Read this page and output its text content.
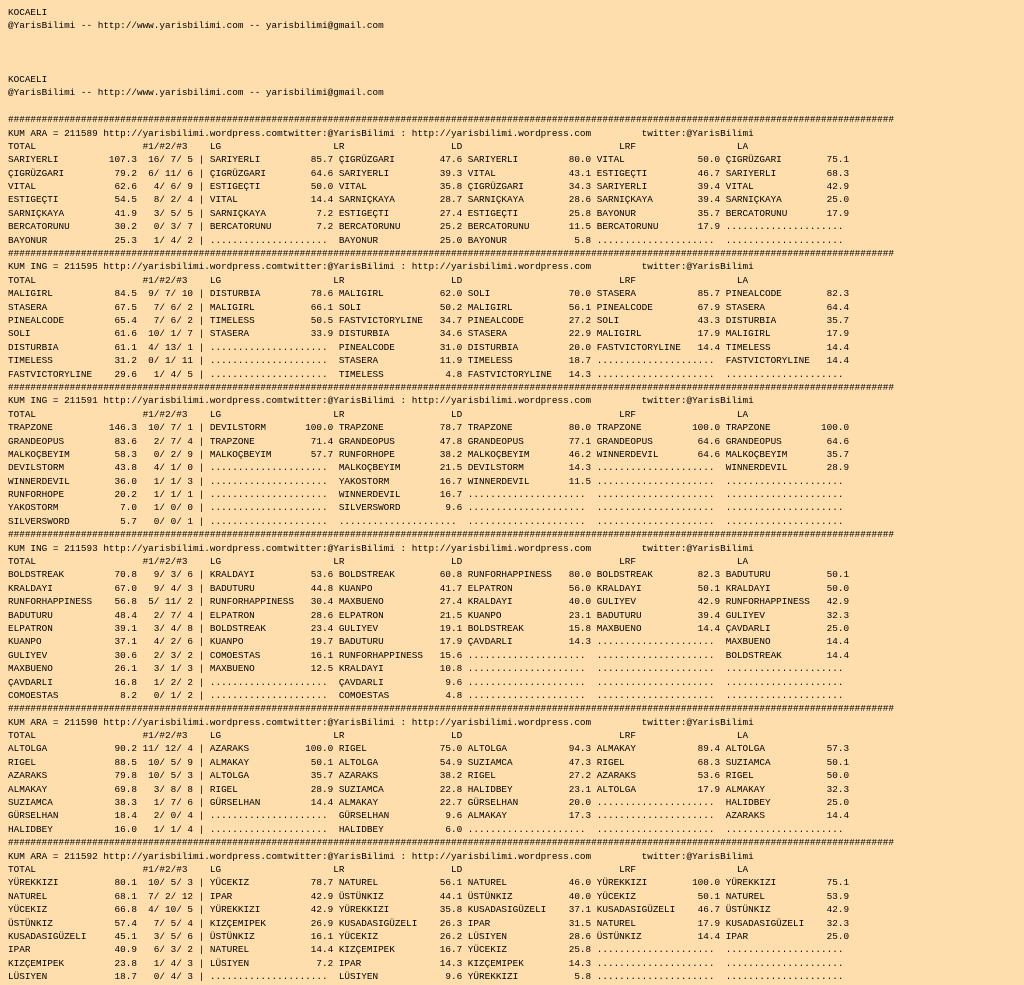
KOCAELI
@YarisBilimi -- http://www.yarisbilimi.com -- yarisbilimi@gmail.com
KOCAELI
@YarisBilimi -- http://www.yarisbilimi.com -- yarisbilimi@gmail.com
##############################################################################################################################################################
KUM ARA = 211589 http://yarisbilimi.wordpress.comtwitter:@YarisBilimi : http://yarisbilimi.wordpress.com         twitter:@YarisBilimi
TOTAL                   #1/#2/#3    LG                    LR                   LD                            LRF                  LA
SARIYERLI         107.3  16/ 7/ 5 | SARIYERLI         85.7 ÇIGRÜZGARI        47.6 SARIYERLI         80.0 VITAL             50.0 ÇIGRÜZGARI        75.1
ÇIGRÜZGARI         79.2  6/ 11/ 6 | ÇIGRÜZGARI        64.6 SARIYERLI         39.3 VITAL             43.1 ESTIGEÇTI         46.7 SARIYERLI         68.3
VITAL              62.6   4/ 6/ 9 | ESTIGEÇTI         50.0 VITAL             35.8 ÇIGRÜZGARI        34.3 SARIYERLI         39.4 VITAL             42.9
ESTIGEÇTI          54.5   8/ 2/ 4 | VITAL             14.4 SARNIÇKAYA        28.7 SARNIÇKAYA        28.6 SARNIÇKAYA        39.4 SARNIÇKAYA        25.0
SARNIÇKAYA         41.9   3/ 5/ 5 | SARNIÇKAYA         7.2 ESTIGEÇTI         27.4 ESTIGEÇTI         25.8 BAYONUR           35.7 BERCATORUNU       17.9
BERCATORUNU        30.2   0/ 3/ 7 | BERCATORUNU        7.2 BERCATORUNU       25.2 BERCATORUNU       11.5 BERCATORUNU       17.9 .....................
BAYONUR            25.3   1/ 4/ 2 | .....................  BAYONUR           25.0 BAYONUR            5.8 .....................  .....................
##############################################################################################################################################################
KUM ING = 211595 http://yarisbilimi.wordpress.comtwitter:@YarisBilimi : http://yarisbilimi.wordpress.com         twitter:@YarisBilimi
TOTAL                   #1/#2/#3    LG                    LR                   LD                            LRF                  LA
MALIGIRL           84.5  9/ 7/ 10 | DISTURBIA         78.6 MALIGIRL          62.0 SOLI              70.0 STASERA           85.7 PINEALCODE        82.3
STASERA            67.5   7/ 6/ 2 | MALIGIRL          66.1 SOLI              50.2 MALIGIRL          56.1 PINEALCODE        67.9 STASERA           64.4
PINEALCODE         65.4   7/ 6/ 2 | TIMELESS          50.5 FASTVICTORYLINE   34.7 PINEALCODE        27.2 SOLI              43.3 DISTURBIA         35.7
SOLI               61.6  10/ 1/ 7 | STASERA           33.9 DISTURBIA         34.6 STASERA           22.9 MALIGIRL          17.9 MALIGIRL          17.9
DISTURBIA          61.1  4/ 13/ 1 | .....................  PINEALCODE        31.0 DISTURBIA         20.0 FASTVICTORYLINE   14.4 TIMELESS          14.4
TIMELESS           31.2  0/ 1/ 11 | .....................  STASERA           11.9 TIMELESS          18.7 .....................  FASTVICTORYLINE   14.4
FASTVICTORYLINE    29.6   1/ 4/ 5 | .....................  TIMELESS           4.8 FASTVICTORYLINE   14.3 .....................  .....................
##############################################################################################################################################################
KUM ING = 211591 http://yarisbilimi.wordpress.comtwitter:@YarisBilimi : http://yarisbilimi.wordpress.com         twitter:@YarisBilimi
TOTAL                   #1/#2/#3    LG                    LR                   LD                            LRF                  LA
TRAPZONE          146.3  10/ 7/ 1 | DEVILSTORM       100.0 TRAPZONE          78.7 TRAPZONE          80.0 TRAPZONE         100.0 TRAPZONE         100.0
GRANDEOPUS         83.6   2/ 7/ 4 | TRAPZONE          71.4 GRANDEOPUS        47.8 GRANDEOPUS        77.1 GRANDEOPUS        64.6 GRANDEOPUS        64.6
MALKOÇBEYIM        58.3   0/ 2/ 9 | MALKOÇBEYIM       57.7 RUNFORHOPE        38.2 MALKOÇBEYIM       46.2 WINNERDEVIL       64.6 MALKOÇBEYIM       35.7
DEVILSTORM         43.8   4/ 1/ 0 | .....................  MALKOÇBEYIM       21.5 DEVILSTORM        14.3 .....................  WINNERDEVIL       28.9
WINNERDEVIL        36.0   1/ 1/ 3 | .....................  YAKOSTORM         16.7 WINNERDEVIL       11.5 .....................  .....................
RUNFORHOPE         20.2   1/ 1/ 1 | .....................  WINNERDEVIL       16.7 .....................  .....................  .....................
YAKOSTORM           7.0   1/ 0/ 0 | .....................  SILVERSWORD        9.6 .....................  .....................  .....................
SILVERSWORD         5.7   0/ 0/ 1 | .....................  .....................  .....................  .....................  .....................
##############################################################################################################################################################
KUM ING = 211593 http://yarisbilimi.wordpress.comtwitter:@YarisBilimi : http://yarisbilimi.wordpress.com         twitter:@YarisBilimi
TOTAL                   #1/#2/#3    LG                    LR                   LD                            LRF                  LA
BOLDSTREAK         70.8   9/ 3/ 6 | KRALDAYI          53.6 BOLDSTREAK        60.8 RUNFORHAPPINESS   80.0 BOLDSTREAK        82.3 BADUTURU          50.1
KRALDAYI           67.0   9/ 4/ 3 | BADUTURU          44.8 KUANPO            41.7 ELPATRON          56.0 KRALDAYI          50.1 KRALDAYI          50.0
RUNFORHAPPINESS    56.8  5/ 11/ 2 | RUNFORHAPPINESS   30.4 MAXBUENO          27.4 KRALDAYI          40.0 GULIYEV           42.9 RUNFORHAPPINESS   42.9
BADUTURU           48.4   2/ 7/ 4 | ELPATRON          28.6 ELPATRON          21.5 KUANPO            23.1 BADUTURU          39.4 GULIYEV           32.3
ELPATRON           39.1   3/ 4/ 8 | BOLDSTREAK        23.4 GULIYEV           19.1 BOLDSTREAK        15.8 MAXBUENO          14.4 ÇAVDARLI          25.0
KUANPO             37.1   4/ 2/ 6 | KUANPO            19.7 BADUTURU          17.9 ÇAVDARLI          14.3 .....................  MAXBUENO          14.4
GULIYEV            30.6   2/ 3/ 2 | COMOESTAS         16.1 RUNFORHAPPINESS   15.6 .....................  .....................  BOLDSTREAK        14.4
MAXBUENO           26.1   3/ 1/ 3 | MAXBUENO          12.5 KRALDAYI          10.8 .....................  .....................  .....................
ÇAVDARLI           16.8   1/ 2/ 2 | .....................  ÇAVDARLI           9.6 .....................  .....................  .....................
COMOESTAS           8.2   0/ 1/ 2 | .....................  COMOESTAS          4.8 .....................  .....................  .....................
##############################################################################################################################################################
KUM ARA = 211590 http://yarisbilimi.wordpress.comtwitter:@YarisBilimi : http://yarisbilimi.wordpress.com         twitter:@YarisBilimi
TOTAL                   #1/#2/#3    LG                    LR                   LD                            LRF                  LA
ALTOLGA            90.2 11/ 12/ 4 | AZARAKS          100.0 RIGEL             75.0 ALTOLGA           94.3 ALMAKAY           89.4 ALTOLGA           57.3
RIGEL              88.5  10/ 5/ 9 | ALMAKAY           50.1 ALTOLGA           54.9 SUZIAMCA          47.3 RIGEL             68.3 SUZIAMCA          50.1
AZARAKS            79.8  10/ 5/ 3 | ALTOLGA           35.7 AZARAKS           38.2 RIGEL             27.2 AZARAKS           53.6 RIGEL             50.0
ALMAKAY            69.8   3/ 8/ 8 | RIGEL             28.9 SUZIAMCA          22.8 HALIDBEY          23.1 ALTOLGA           17.9 ALMAKAY           32.3
SUZIAMCA           38.3   1/ 7/ 6 | GÜRSELHAN         14.4 ALMAKAY           22.7 GÜRSELHAN         20.0 .....................  HALIDBEY          25.0
GÜRSELHAN          18.4   2/ 0/ 4 | .....................  GÜRSELHAN          9.6 ALMAKAY           17.3 .....................  AZARAKS           14.4
HALIDBEY           16.0   1/ 1/ 4 | .....................  HALIDBEY           6.0 .....................  .....................  .....................
##############################################################################################################################################################
KUM ARA = 211592 http://yarisbilimi.wordpress.comtwitter:@YarisBilimi : http://yarisbilimi.wordpress.com         twitter:@YarisBilimi
TOTAL                   #1/#2/#3    LG                    LR                   LD                            LRF                  LA
YÜREKKIZI          80.1  10/ 5/ 3 | YÜCEKIZ           78.7 NATUREL           56.1 NATUREL           46.0 YÜREKKIZI        100.0 YÜREKKIZI         75.1
NATUREL            68.1  7/ 2/ 12 | IPAR              42.9 ÜSTÜNKIZ          44.1 ÜSTÜNKIZ          40.0 YÜCEKIZ           50.1 NATUREL           53.9
YÜCEKIZ            66.8  4/ 10/ 5 | YÜREKKIZI         42.9 YÜREKKIZI         35.8 KUSADASIGÜZELI    37.1 KUSADASIGÜZELI    46.7 ÜSTÜNKIZ          42.9
ÜSTÜNKIZ           57.4   7/ 5/ 4 | KIZÇEMIPEK        26.9 KUSADASIGÜZELI    26.3 IPAR              31.5 NATUREL           17.9 KUSADASIGÜZELI    32.3
KUSADASIGÜZELI     45.1   3/ 5/ 6 | ÜSTÜNKIZ          16.1 YÜCEKIZ           26.2 LÜSIYEN           28.6 ÜSTÜNKIZ          14.4 IPAR              25.0
IPAR               40.9   6/ 3/ 2 | NATUREL           14.4 KIZÇEMIPEK        16.7 YÜCEKIZ           25.8 .....................  .....................
KIZÇEMIPEK         23.8   1/ 4/ 3 | LÜSIYEN            7.2 IPAR              14.3 KIZÇEMIPEK        14.3 .....................  .....................
LÜSIYEN            18.7   0/ 4/ 3 | .....................  LÜSIYEN            9.6 YÜREKKIZI          5.8 .....................  .....................
